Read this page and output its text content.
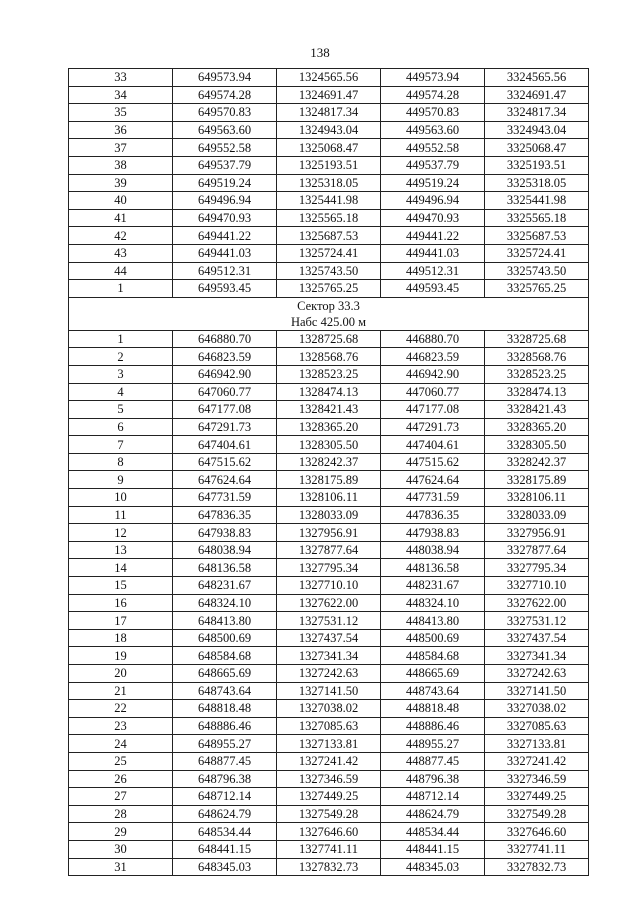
138
33	649573.94	1324565.56	449573.94	3324565.56
34	649574.28	1324691.47	449574.28	3324691.47
35	649570.83	1324817.34	449570.83	3324817.34
36	649563.60	1324943.04	449563.60	3324943.04
37	649552.58	1325068.47	449552.58	3325068.47
38	649537.79	1325193.51	449537.79	3325193.51
39	649519.24	1325318.05	449519.24	3325318.05
40	649496.94	1325441.98	449496.94	3325441.98
41	649470.93	1325565.18	449470.93	3325565.18
42	649441.22	1325687.53	449441.22	3325687.53
43	649441.03	1325724.41	449441.03	3325724.41
44	649512.31	1325743.50	449512.31	3325743.50
1	649593.45	1325765.25	449593.45	3325765.25
Сектор 33.3				
Набс 425.00 м				
1	646880.70	1328725.68	446880.70	3328725.68
2	646823.59	1328568.76	446823.59	3328568.76
3	646942.90	1328523.25	446942.90	3328523.25
4	647060.77	1328474.13	447060.77	3328474.13
5	647177.08	1328421.43	447177.08	3328421.43
6	647291.73	1328365.20	447291.73	3328365.20
7	647404.61	1328305.50	447404.61	3328305.50
8	647515.62	1328242.37	447515.62	3328242.37
9	647624.64	1328175.89	447624.64	3328175.89
10	647731.59	1328106.11	447731.59	3328106.11
11	647836.35	1328033.09	447836.35	3328033.09
12	647938.83	1327956.91	447938.83	3327956.91
13	648038.94	1327877.64	448038.94	3327877.64
14	648136.58	1327795.34	448136.58	3327795.34
15	648231.67	1327710.10	448231.67	3327710.10
16	648324.10	1327622.00	448324.10	3327622.00
17	648413.80	1327531.12	448413.80	3327531.12
18	648500.69	1327437.54	448500.69	3327437.54
19	648584.68	1327341.34	448584.68	3327341.34
20	648665.69	1327242.63	448665.69	3327242.63
21	648743.64	1327141.50	448743.64	3327141.50
22	648818.48	1327038.02	448818.48	3327038.02
23	648886.46	1327085.63	448886.46	3327085.63
24	648955.27	1327133.81	448955.27	3327133.81
25	648877.45	1327241.42	448877.45	3327241.42
26	648796.38	1327346.59	448796.38	3327346.59
27	648712.14	1327449.25	448712.14	3327449.25
28	648624.79	1327549.28	448624.79	3327549.28
29	648534.44	1327646.60	448534.44	3327646.60
30	648441.15	1327741.11	448441.15	3327741.11
31	648345.03	1327832.73	448345.03	3327832.73
